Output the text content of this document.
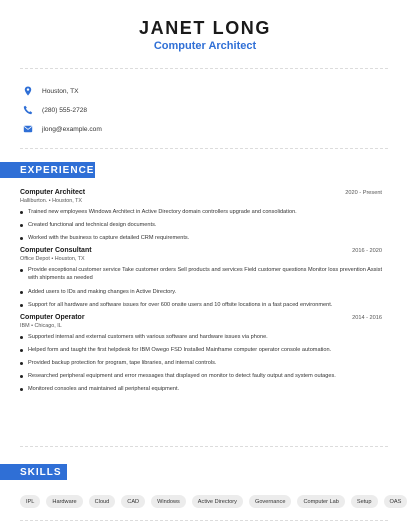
JANET LONG
Computer Architect
Houston, TX
(280) 555-2728
jlong@example.com
EXPERIENCE
Computer Architect	2020 - Present
Halliburton. • Houston, TX
Trained new employees Windows Architect in Active Directory domain controllers upgrade and consolidation.
Created functional and technical design documents.
Worked with the business to capture detailed CRM requirements.
Computer Consultant	2016 - 2020
Office Depot • Houston, TX
Provide exceptional customer service Take customer orders Sell products and services Field customer questions Monitor loss prevention Assist with shipments as needed
Added users to IDs and making changes in Active Directory.
Support for all hardware and software issues for over 600 onsite users and 10 offsite locations in a fast paced environment.
Computer Operator	2014 - 2016
IBM • Chicago, IL
Supported internal and external customers with various software and hardware issues via phone.
Helped form and taught the first helpdesk for IBM Owego FSD Installed Mainframe computer operator console automation.
Provided backup protection for program, tape libraries, and internal controls.
Researched peripheral equipment and error messages that displayed on monitor to detect faulty output and system outages.
Monitored consoles and maintained all peripheral equipment.
SKILLS
IPL	Hardware	Cloud	CAD	Windows	Active Directory	Governance	Computer Lab	Setup	OAS
